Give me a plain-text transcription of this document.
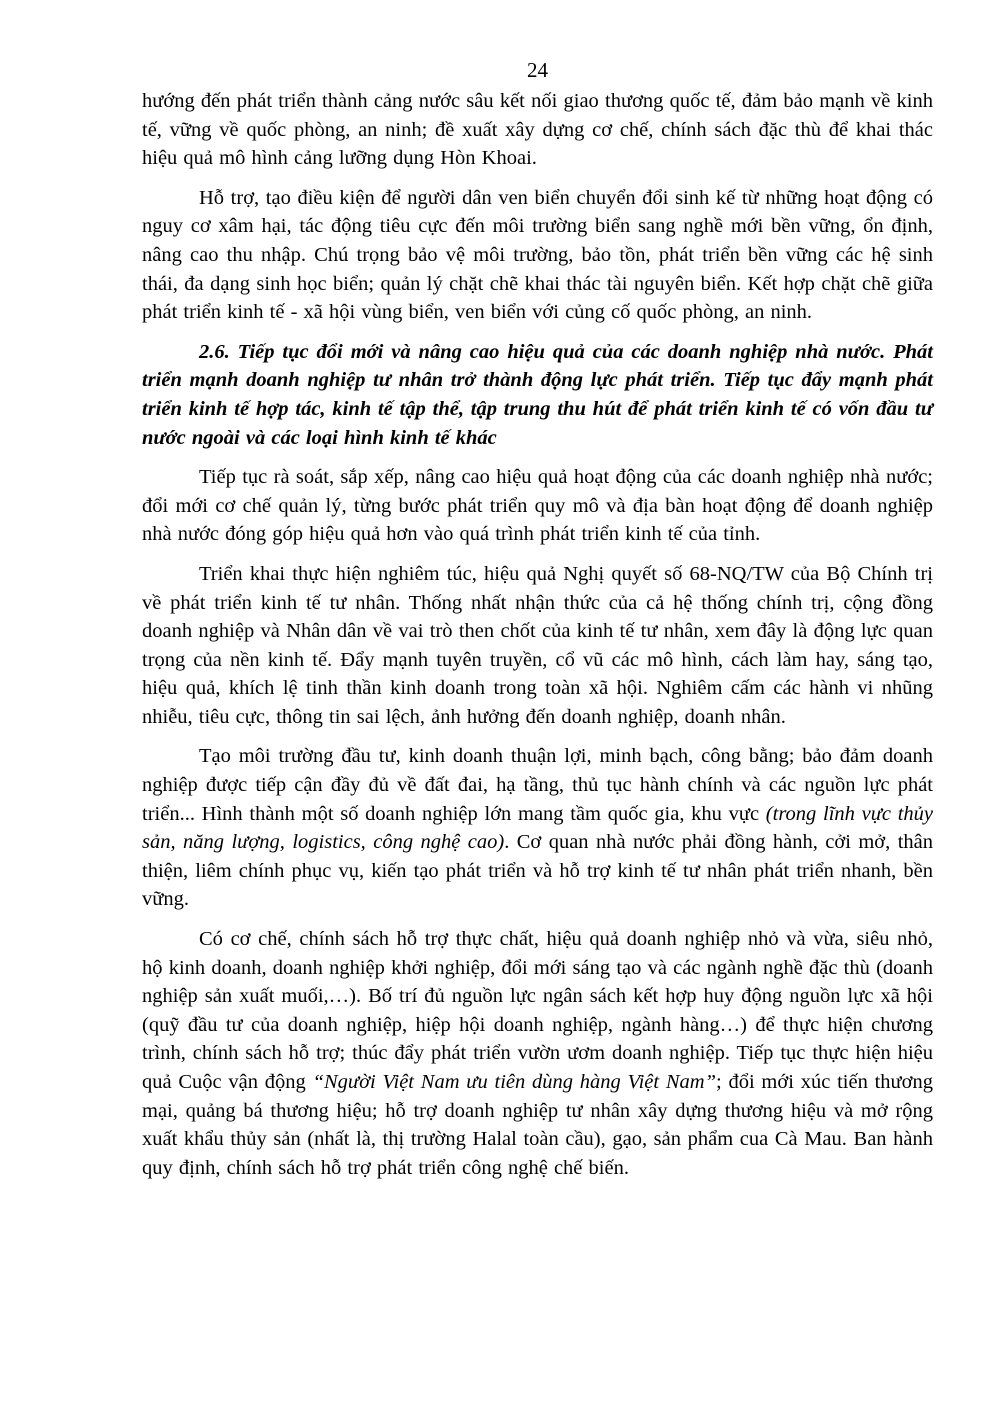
24

hướng đến phát triển thành cảng nước sâu kết nối giao thương quốc tế, đảm bảo mạnh về kinh tế, vững về quốc phòng, an ninh; đề xuất xây dựng cơ chế, chính sách đặc thù để khai thác hiệu quả mô hình cảng lưỡng dụng Hòn Khoai.

Hỗ trợ, tạo điều kiện để người dân ven biển chuyển đổi sinh kế từ những hoạt động có nguy cơ xâm hại, tác động tiêu cực đến môi trường biển sang nghề mới bền vững, ổn định, nâng cao thu nhập. Chú trọng bảo vệ môi trường, bảo tồn, phát triển bền vững các hệ sinh thái, đa dạng sinh học biển; quản lý chặt chẽ khai thác tài nguyên biển. Kết hợp chặt chẽ giữa phát triển kinh tế - xã hội vùng biển, ven biển với củng cố quốc phòng, an ninh.

2.6. Tiếp tục đổi mới và nâng cao hiệu quả của các doanh nghiệp nhà nước. Phát triển mạnh doanh nghiệp tư nhân trở thành động lực phát triển. Tiếp tục đẩy mạnh phát triển kinh tế hợp tác, kinh tế tập thể, tập trung thu hút để phát triển kinh tế có vốn đầu tư nước ngoài và các loại hình kinh tế khác

Tiếp tục rà soát, sắp xếp, nâng cao hiệu quả hoạt động của các doanh nghiệp nhà nước; đổi mới cơ chế quản lý, từng bước phát triển quy mô và địa bàn hoạt động để doanh nghiệp nhà nước đóng góp hiệu quả hơn vào quá trình phát triển kinh tế của tỉnh.

Triển khai thực hiện nghiêm túc, hiệu quả Nghị quyết số 68-NQ/TW của Bộ Chính trị về phát triển kinh tế tư nhân. Thống nhất nhận thức của cả hệ thống chính trị, cộng đồng doanh nghiệp và Nhân dân về vai trò then chốt của kinh tế tư nhân, xem đây là động lực quan trọng của nền kinh tế. Đẩy mạnh tuyên truyền, cổ vũ các mô hình, cách làm hay, sáng tạo, hiệu quả, khích lệ tinh thần kinh doanh trong toàn xã hội. Nghiêm cấm các hành vi nhũng nhiễu, tiêu cực, thông tin sai lệch, ảnh hưởng đến doanh nghiệp, doanh nhân.

Tạo môi trường đầu tư, kinh doanh thuận lợi, minh bạch, công bằng; bảo đảm doanh nghiệp được tiếp cận đầy đủ về đất đai, hạ tầng, thủ tục hành chính và các nguồn lực phát triển... Hình thành một số doanh nghiệp lớn mang tầm quốc gia, khu vực (trong lĩnh vực thủy sản, năng lượng, logistics, công nghệ cao). Cơ quan nhà nước phải đồng hành, cởi mở, thân thiện, liêm chính phục vụ, kiến tạo phát triển và hỗ trợ kinh tế tư nhân phát triển nhanh, bền vững.

Có cơ chế, chính sách hỗ trợ thực chất, hiệu quả doanh nghiệp nhỏ và vừa, siêu nhỏ, hộ kinh doanh, doanh nghiệp khởi nghiệp, đổi mới sáng tạo và các ngành nghề đặc thù (doanh nghiệp sản xuất muối,…). Bố trí đủ nguồn lực ngân sách kết hợp huy động nguồn lực xã hội (quỹ đầu tư của doanh nghiệp, hiệp hội doanh nghiệp, ngành hàng…) để thực hiện chương trình, chính sách hỗ trợ; thúc đẩy phát triển vườn ươm doanh nghiệp. Tiếp tục thực hiện hiệu quả Cuộc vận động “Người Việt Nam ưu tiên dùng hàng Việt Nam”; đổi mới xúc tiến thương mại, quảng bá thương hiệu; hỗ trợ doanh nghiệp tư nhân xây dựng thương hiệu và mở rộng xuất khẩu thủy sản (nhất là, thị trường Halal toàn cầu), gạo, sản phẩm cua Cà Mau. Ban hành quy định, chính sách hỗ trợ phát triển công nghệ chế biến.
